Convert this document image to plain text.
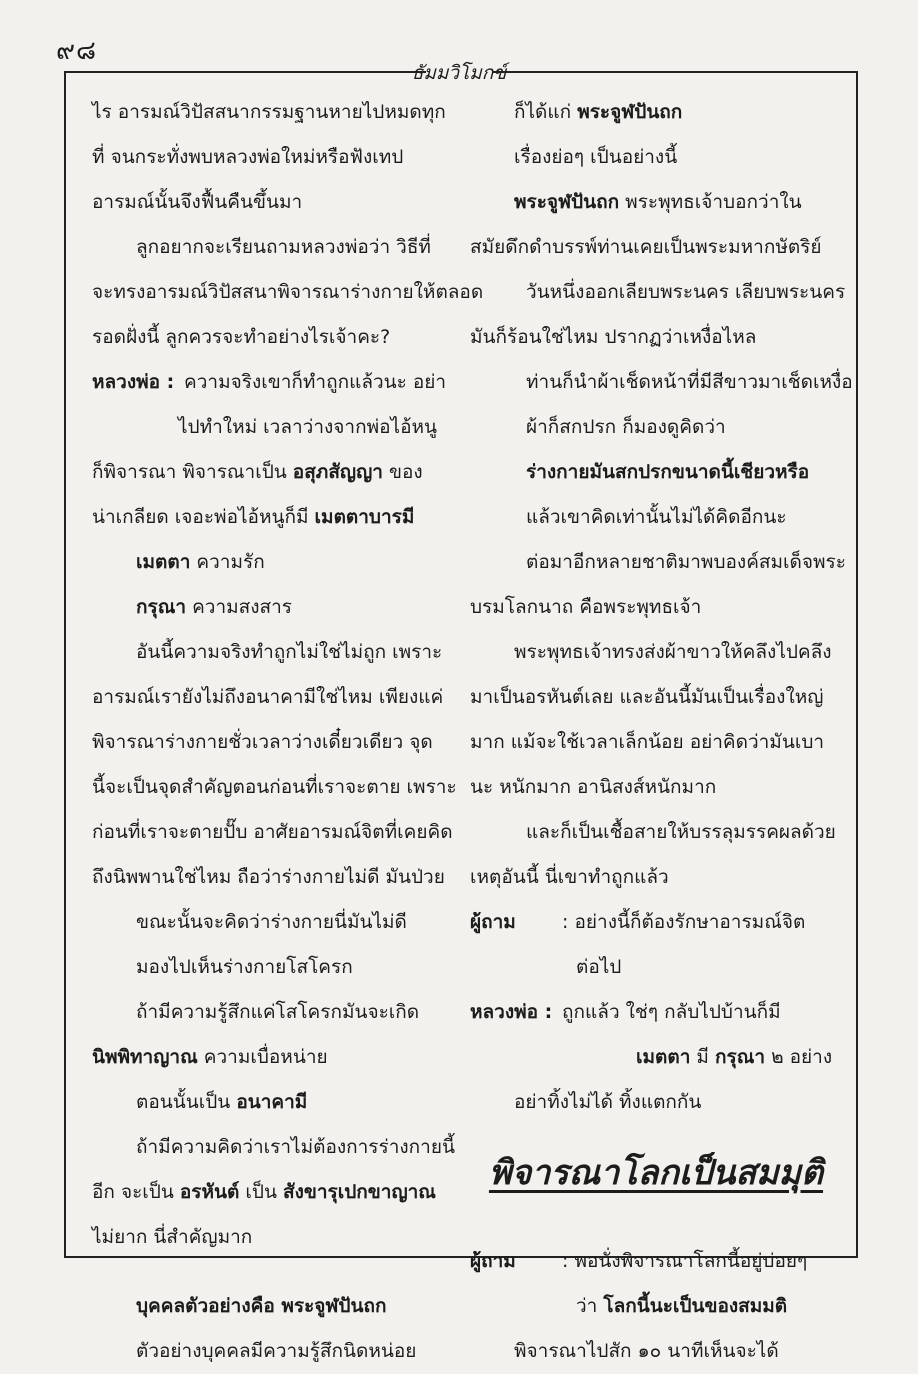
๙๘
ธัมมวิโมกข์
ไร อารมณ์วิปัสสนากรรมฐานหายไปหมดทุก
ที่ จนกระทั่งพบหลวงพ่อใหม่หรือฟังเทป
อารมณ์นั้นจึงฟื้นคืนขึ้นมา
ลูกอยากจะเรียนถามหลวงพ่อว่า วิธีที่
จะทรงอารมณ์วิปัสสนาพิจารณาร่างกายให้ตลอด
รอดฝั่งนี้ ลูกควรจะทำอย่างไรเจ้าคะ?
หลวงพ่อ : ความจริงเขาก็ทำถูกแล้วนะ อย่า
ไปทำใหม่ เวลาว่างจากพ่อไอ้หนู
ก็พิจารณา พิจารณาเป็น อสุภสัญญา ของ
น่าเกลียด เจอะพ่อไอ้หนูก็มี เมตตาบารมี
เมตตา ความรัก
กรุณา ความสงสาร
อันนี้ความจริงทำถูกไม่ใช่ไม่ถูก เพราะ
อารมณ์เรายังไม่ถึงอนาคามีใช่ไหม เพียงแค่
พิจารณาร่างกายชั่วเวลาว่างเดี๋ยวเดียว จุด
นี้จะเป็นจุดสำคัญตอนก่อนที่เราจะตาย เพราะ
ก่อนที่เราจะตายปั๊บ อาศัยอารมณ์จิตที่เคยคิด
ถึงนิพพานใช่ไหม ถือว่าร่างกายไม่ดี มันป่วย
ขณะนั้นจะคิดว่าร่างกายนี่มันไม่ดี
มองไปเห็นร่างกายโสโครก
ถ้ามีความรู้สึกแค่โสโครกมันจะเกิด
นิพพิทาญาณ ความเบื่อหน่าย
ตอนนั้นเป็น อนาคามี
ถ้ามีความคิดว่าเราไม่ต้องการร่างกายนี้
อีก จะเป็น อรหันต์ เป็น สังขารุเปกขาญาณ
ไม่ยาก นี่สำคัญมาก
บุคคลตัวอย่างคือ พระจูฬปันถก
ตัวอย่างบุคคลมีความรู้สึกนิดหน่อย
ก็ได้แก่ พระจูฬปันถก
เรื่องย่อๆ เป็นอย่างนี้
พระจูฬปันถก พระพุทธเจ้าบอกว่าใน
สมัยดึกดำบรรพ์ท่านเคยเป็นพระมหากษัตริย์
วันหนึ่งออกเลียบพระนคร เลียบพระนคร
มันก็ร้อนใช่ไหม ปรากฏว่าเหงื่อไหล
ท่านก็นำผ้าเช็ดหน้าที่มีสีขาวมาเช็ดเหงื่อ
ผ้าก็สกปรก ก็มองดูคิดว่า
ร่างกายมันสกปรกขนาดนี้เชียวหรือ
แล้วเขาคิดเท่านั้นไม่ได้คิดอีกนะ
ต่อมาอีกหลายชาติมาพบองค์สมเด็จพระ
บรมโลกนาถ คือพระพุทธเจ้า
พระพุทธเจ้าทรงส่งผ้าขาวให้คลึงไปคลึง
มาเป็นอรหันต์เลย และอันนี้มันเป็นเรื่องใหญ่
มาก แม้จะใช้เวลาเล็กน้อย อย่าคิดว่ามันเบา
นะ หนักมาก อานิสงส์หนักมาก
และก็เป็นเชื้อสายให้บรรลุมรรคผลด้วย
เหตุอันนี้ นี่เขาทำถูกแล้ว
ผู้ถาม : อย่างนี้ก็ต้องรักษาอารมณ์จิต
ต่อไป
หลวงพ่อ : ถูกแล้ว ใช่ๆ กลับไปบ้านก็มี
เมตตา มี กรุณา ๒ อย่าง
อย่าทิ้งไม่ได้ ทิ้งแตกกัน
พิจารณาโลกเป็นสมมุติ
ผู้ถาม : พอนั่งพิจารณาโลกนี้อยู่บ่อยๆ
ว่า โลกนี้นะเป็นของสมมติ
พิจารณาไปสัก ๑๐ นาทีเห็นจะได้
